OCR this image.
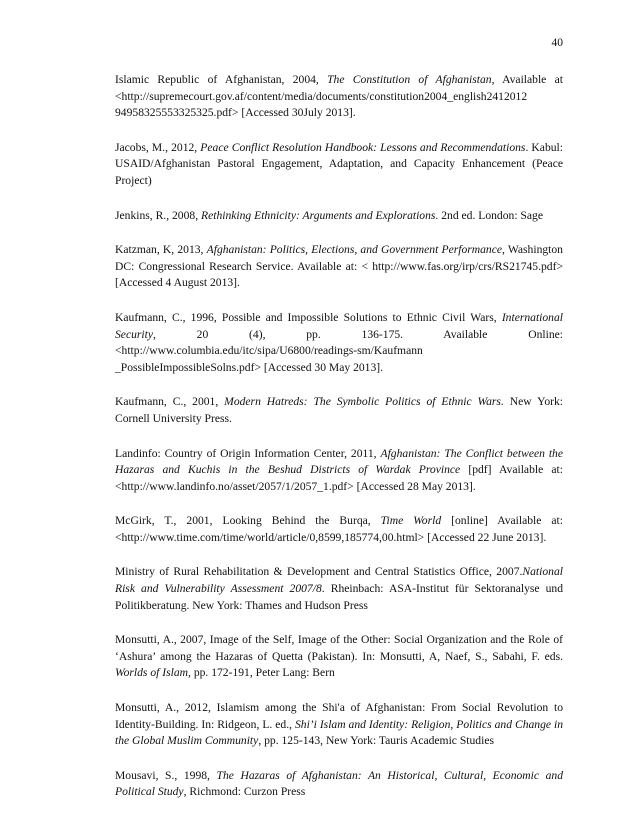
40

Islamic Republic of Afghanistan, 2004, The Constitution of Afghanistan, Available at <http://supremecourt.gov.af/content/media/documents/constitution2004_english2412012 94958325553325325.pdf> [Accessed 30July 2013].

Jacobs, M., 2012, Peace Conflict Resolution Handbook: Lessons and Recommendations. Kabul: USAID/Afghanistan Pastoral Engagement, Adaptation, and Capacity Enhancement (Peace Project)

Jenkins, R., 2008, Rethinking Ethnicity: Arguments and Explorations. 2nd ed. London: Sage

Katzman, K, 2013, Afghanistan: Politics, Elections, and Government Performance, Washington DC: Congressional Research Service. Available at: < http://www.fas.org/irp/crs/RS21745.pdf> [Accessed 4 August 2013].

Kaufmann, C., 1996, Possible and Impossible Solutions to Ethnic Civil Wars, International Security, 20 (4), pp. 136-175. Available Online: <http://www.columbia.edu/itc/sipa/U6800/readings-sm/Kaufmann _PossibleImpossibleSolns.pdf> [Accessed 30 May 2013].

Kaufmann, C., 2001, Modern Hatreds: The Symbolic Politics of Ethnic Wars. New York: Cornell University Press.

Landinfo: Country of Origin Information Center, 2011, Afghanistan: The Conflict between the Hazaras and Kuchis in the Beshud Districts of Wardak Province [pdf] Available at: <http://www.landinfo.no/asset/2057/1/2057_1.pdf> [Accessed 28 May 2013].

McGirk, T., 2001, Looking Behind the Burqa, Time World [online] Available at: <http://www.time.com/time/world/article/0,8599,185774,00.html> [Accessed 22 June 2013].

Ministry of Rural Rehabilitation & Development and Central Statistics Office, 2007.National Risk and Vulnerability Assessment 2007/8. Rheinbach: ASA-Institut für Sektoranalyse und Politikberatung. New York: Thames and Hudson Press

Monsutti, A., 2007, Image of the Self, Image of the Other: Social Organization and the Role of ‘Ashura’ among the Hazaras of Quetta (Pakistan). In: Monsutti, A, Naef, S., Sabahi, F. eds. Worlds of Islam, pp. 172-191, Peter Lang: Bern

Monsutti, A., 2012, Islamism among the Shi'a of Afghanistan: From Social Revolution to Identity-Building. In: Ridgeon, L. ed., Shi’i Islam and Identity: Religion, Politics and Change in the Global Muslim Community, pp. 125-143, New York: Tauris Academic Studies

Mousavi, S., 1998, The Hazaras of Afghanistan: An Historical, Cultural, Economic and Political Study, Richmond: Curzon Press
